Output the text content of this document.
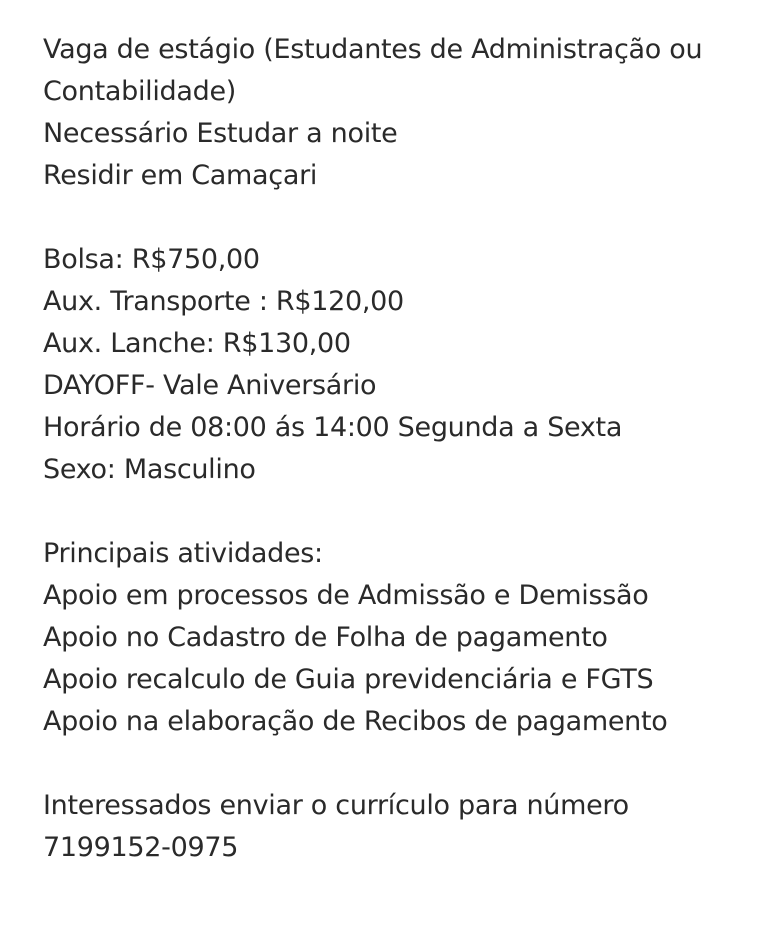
Vaga de estágio (Estudantes de Administração ou
Contabilidade)
Necessário Estudar a noite
Residir em Camaçari
Bolsa: R$750,00
Aux. Transporte : R$120,00
Aux. Lanche: R$130,00
DAYOFF- Vale Aniversário
Horário de 08:00 ás 14:00 Segunda a Sexta
Sexo: Masculino
Principais atividades:
Apoio em processos de Admissão e Demissão
Apoio no Cadastro de Folha de pagamento
Apoio recalculo de Guia previdenciária e FGTS
Apoio na elaboração de Recibos de pagamento
Interessados enviar o currículo para número
7199152-0975
